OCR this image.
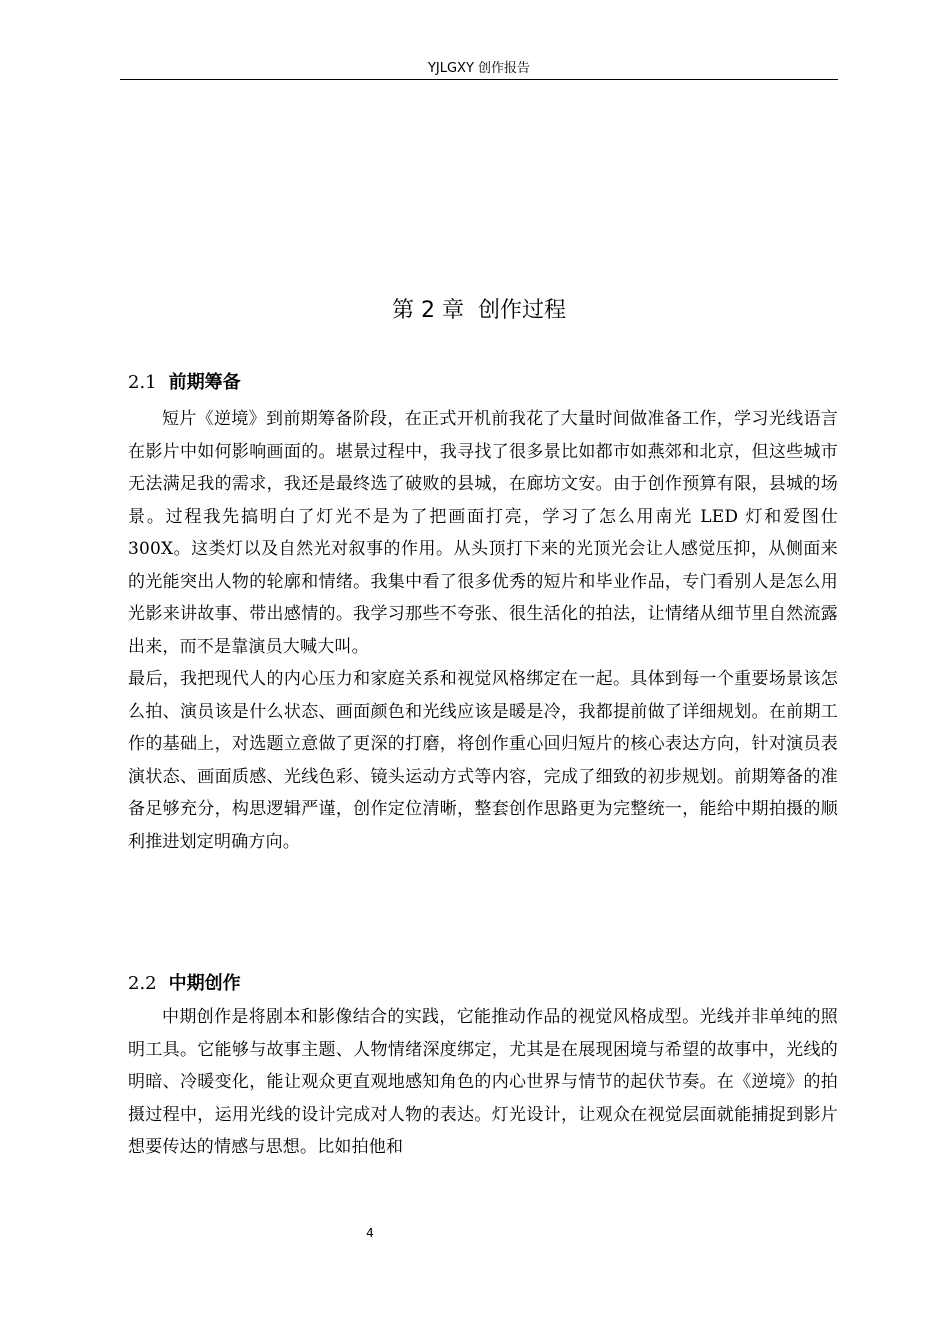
YJLGXY 创作报告
第 2 章 创作过程
2.1 前期筹备

短片《逆境》到前期筹备阶段，在正式开机前我花了大量时间做准备工作，学习光线语言在影片中如何影响画面的。堪景过程中，我寻找了很多景比如都市如燕郊和北京，但这些城市无法满足我的需求，我还是最终选了破败的县城，在廊坊文安。由于创作预算有限，县城的场景。过程我先搞明白了灯光不是为了把画面打亮，学习了怎么用南光 LED 灯和爱图仕 300X。这类灯以及自然光对叙事的作用。从头顶打下来的光顶光会让人感觉压抑，从侧面来的光能突出人物的轮廓和情绪。我集中看了很多优秀的短片和毕业作品，专门看别人是怎么用光影来讲故事、带出感情的。我学习那些不夸张、很生活化的拍法，让情绪从细节里自然流露出来，而不是靠演员大喊大叫。

最后，我把现代人的内心压力和家庭关系和视觉风格绑定在一起。具体到每一个重要场景该怎么拍、演员该是什么状态、画面颜色和光线应该是暖是冷，我都提前做了详细规划。在前期工作的基础上，对选题立意做了更深的打磨，将创作重心回归短片的核心表达方向，针对演员表演状态、画面质感、光线色彩、镜头运动方式等内容，完成了细致的初步规划。前期筹备的准备足够充分，构思逻辑严谨，创作定位清晰，整套创作思路更为完整统一，能给中期拍摄的顺利推进划定明确方向。

2.2 中期创作

中期创作是将剧本和影像结合的实践，它能推动作品的视觉风格成型。光线并非单纯的照明工具。它能够与故事主题、人物情绪深度绑定，尤其是在展现困境与希望的故事中，光线的明暗、冷暖变化，能让观众更直观地感知角色的内心世界与情节的起伏节奏。在《逆境》的拍摄过程中，运用光线的设计完成对人物的表达。灯光设计，让观众在视觉层面就能捕捉到影片想要传达的情感与思想。比如拍他和

4
